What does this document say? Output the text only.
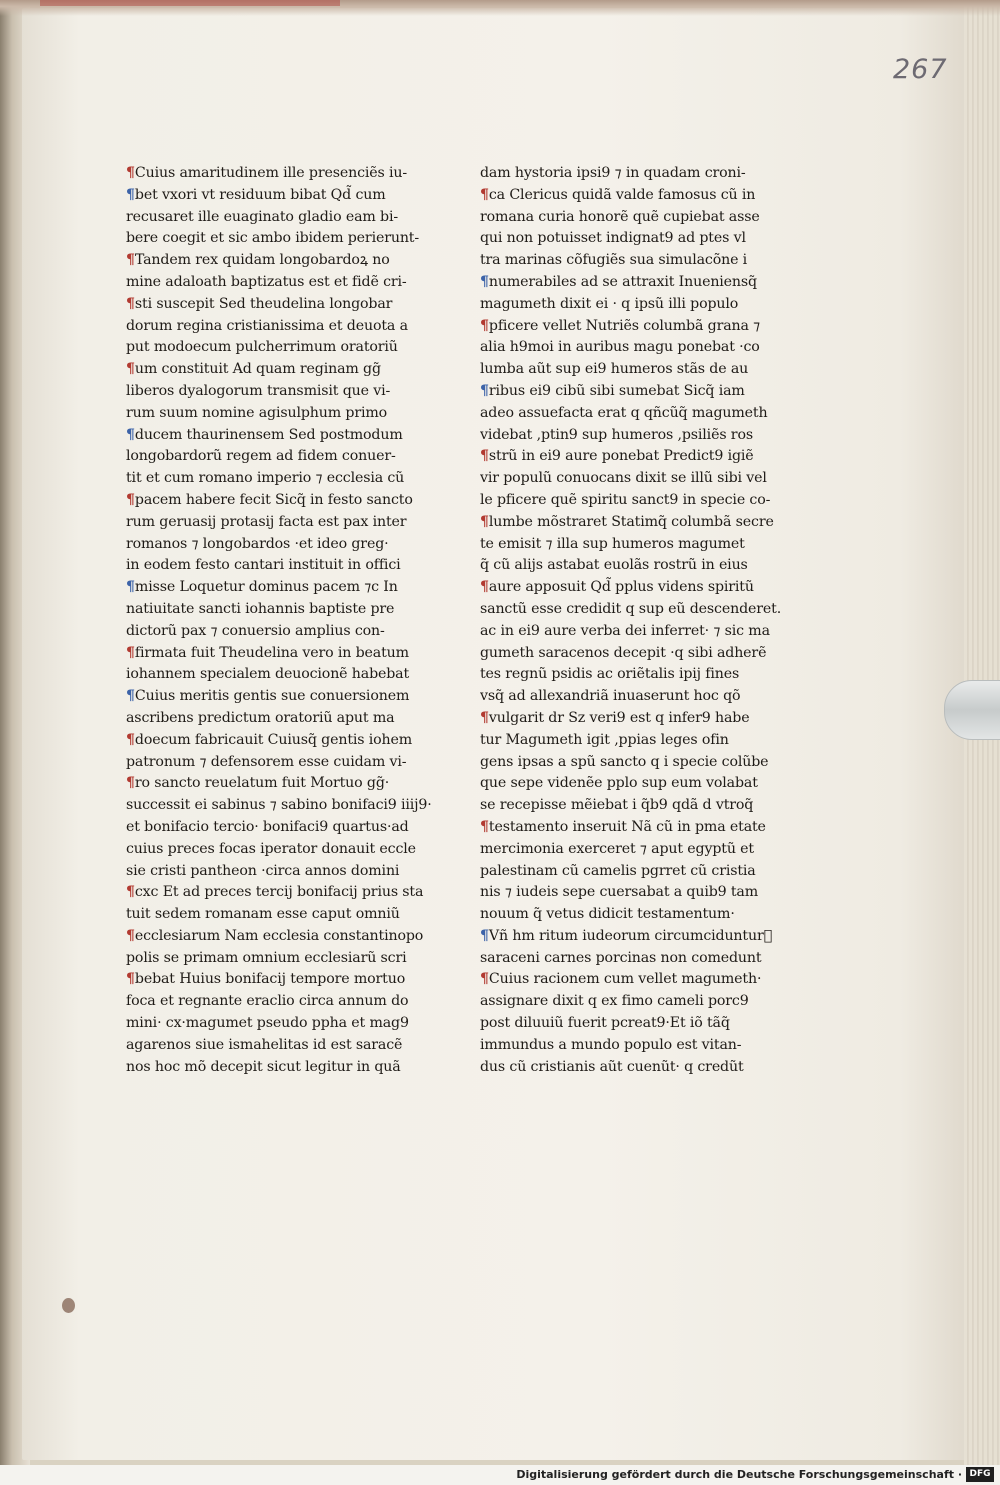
267
¶Cuius amaritudinem ille presenciẽs iu-
¶bet vxori vt residuum bibat Qd̃ cum
recusaret ille euaginato gladio eam bi-
bere coegit et sic ambo ibidem perierunt-
¶Tandem rex quidam longobardoꝝ no
mine adaloath baptizatus est et fidẽ cri-
¶sti suscepit Sed theudelina longobar
dorum regina cristianissima et deuota a
put modoecum pulcherrimum oratoriũ
¶um constituit Ad quam reginam gg̃
liberos dyalogorum transmisit que vi-
rum suum nomine agisulphum primo
¶ducem thaurinensem Sed postmodum
longobardorũ regem ad fidem conuer-
tit et cum romano imperio ⁊ ecclesia cũ
¶pacem habere fecit Sicq̃ in festo sancto
rum geruasij protasij facta est pax inter
romanos ⁊ longobardos ·et ideo greg·
in eodem festo cantari instituit in offici
¶misse Loquetur dominus pacem ⁊c In
natiuitate sancti iohannis baptiste pre
dictorũ pax ⁊ conuersio amplius con-
¶firmata fuit Theudelina vero in beatum
iohannem specialem deuocionẽ habebat
¶Cuius meritis gentis sue conuersionem
ascribens predictum oratoriũ aput ma
¶doecum fabricauit Cuiusq̃ gentis iohem
patronum ⁊ defensorem esse cuidam vi-
¶ro sancto reuelatum fuit Mortuo gg̃·
successit ei sabinus ⁊ sabino bonifaci9 iiij9·
et bonifacio tercio· bonifaci9 quartus·ad
cuius preces focas iperator donauit eccle
sie cristi pantheon ·circa annos domini
¶cxc Et ad preces tercij bonifacij prius sta
tuit sedem romanam esse caput omniũ
¶ecclesiarum Nam ecclesia constantinopo
polis se primam omnium ecclesiarũ scri
¶bebat Huius bonifacij tempore mortuo
foca et regnante eraclio circa annum do
mini· cx·magumet pseudo ppha et mag9
agarenos siue ismahelitas id est saracẽ
nos hoc mõ decepit sicut legitur in quã
dam hystoria ipsi9 ⁊ in quadam croni-
¶ca Clericus quidã valde famosus cũ in
romana curia honorẽ quẽ cupiebat asse
qui non potuisset indignat9 ad ptes vl
tra marinas cõfugiẽs sua simulacõne i
¶numerabiles ad se attraxit Inueniensq̃
magumeth dixit ei · q ipsũ illi populo
¶pficere vellet Nutriẽs columbã grana ⁊
alia h9moi in auribus magu ponebat ·co
lumba aũt sup ei9 humeros stãs de au
¶ribus ei9 cibũ sibi sumebat Sicq̃ iam
adeo assuefacta erat q qñcũq̃ magumeth
videbat ,ptin9 sup humeros ,psiliẽs ros
¶strũ in ei9 aure ponebat Predict9 igiẽ
vir populũ conuocans dixit se illũ sibi vel
le pficere quẽ spiritu sanct9 in specie co-
¶lumbe mõstraret Statimq̃ columbã secre
te emisit ⁊ illa sup humeros magumet
q̃ cũ alijs astabat euolãs rostrũ in eius
¶aure apposuit Qd̃ pplus videns spiritũ
sanctũ esse credidit q sup eũ descenderet.
ac in ei9 aure verba dei inferret· ⁊ sic ma
gumeth saracenos decepit ·q sibi adherẽ
tes regnũ psidis ac oriẽtalis ipij fines
vsq̃ ad allexandriã inuaserunt hoc qõ
¶vulgarit dr Sz veri9 est q infer9 habe
tur Magumeth igit ,ppias leges ofin
gens ipsas a spũ sancto q i specie colũbe
que sepe videnẽe pplo sup eum volabat
se recepisse mẽiebat i q̃b9 qdã d vtroq̃
¶testamento inseruit Nã cũ in pma etate
mercimonia exerceret ⁊ aput egyptũ et
palestinam cũ camelis pgrret cũ cristia
nis ⁊ iudeis sepe cuersabat a quib9 tam
nouum q̃ vetus didicit testamentum·
¶Vñ hm ritum iudeorum circumcidunturᷓ
saraceni carnes porcinas non comedunt
¶Cuius racionem cum vellet magumeth·
assignare dixit q ex fimo cameli porc9
post diluuiũ fuerit pcreat9·Et iõ tãq̃
immundus a mundo populo est vitan-
dus cũ cristianis aũt cuenũt· q credũt
Digitalisierung gefördert durch die Deutsche Forschungsgemeinschaft · DFG
